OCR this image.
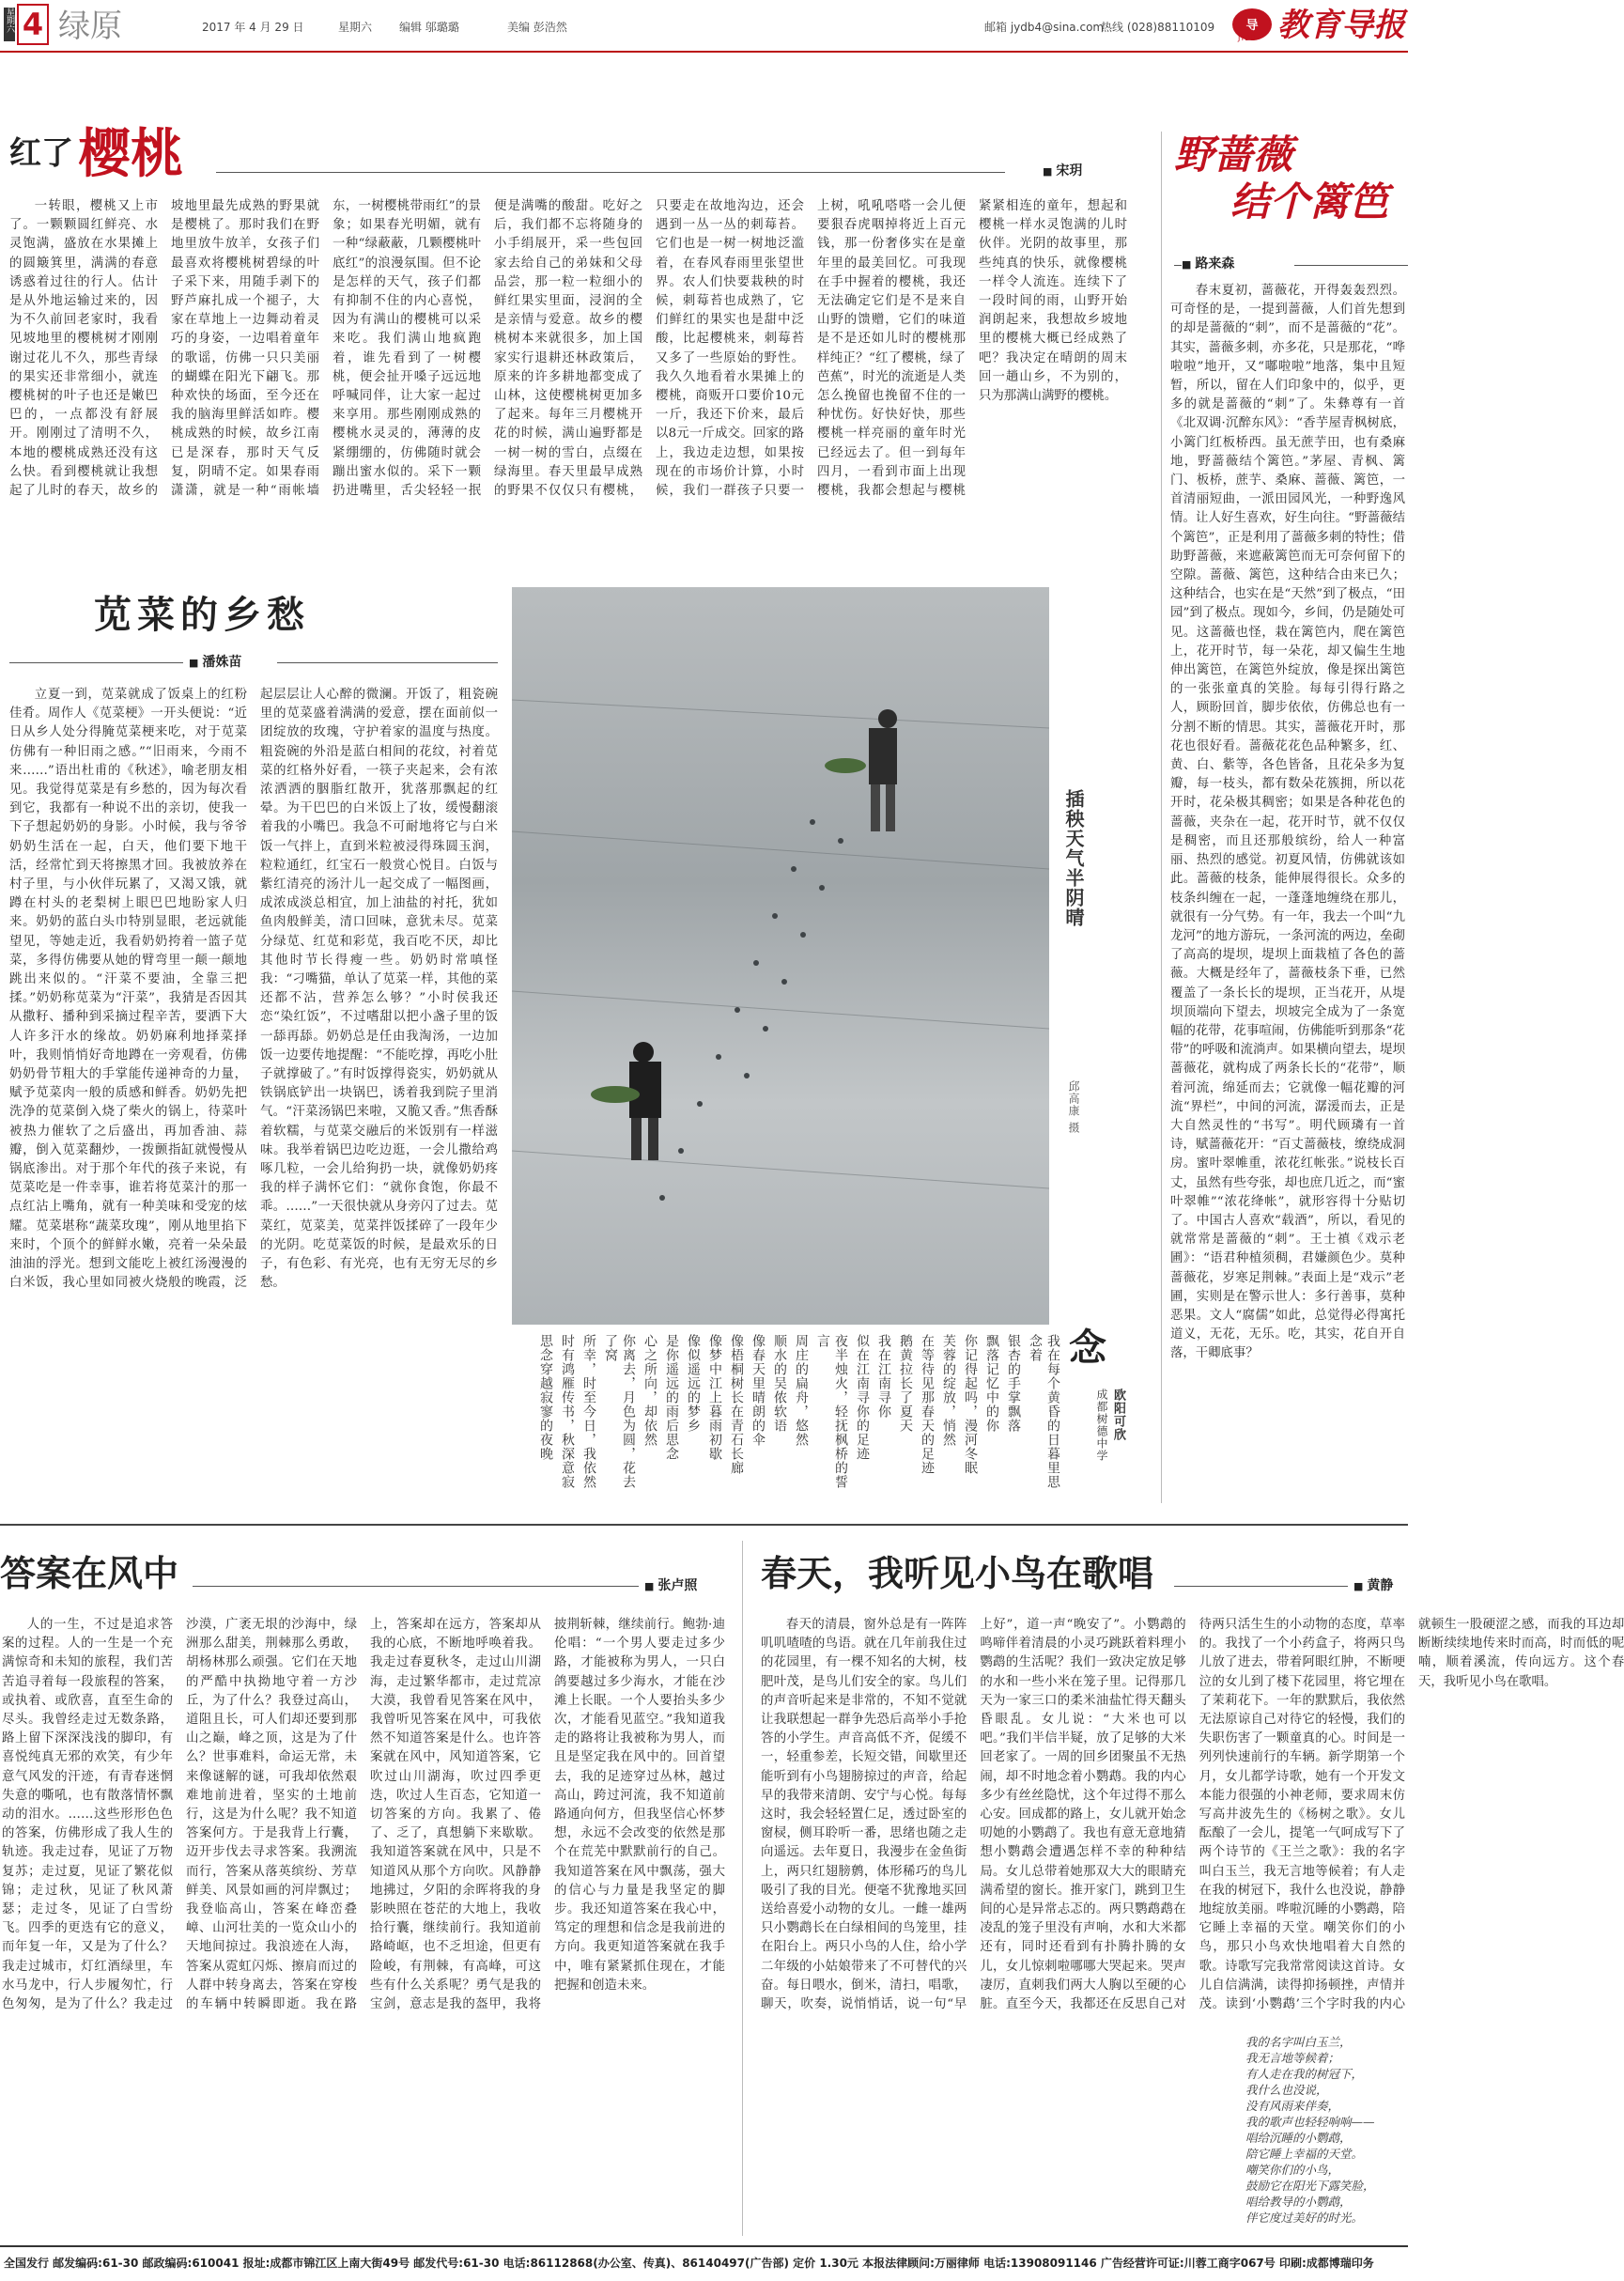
星期六 4 绿原	2017 年 4 月 29 日	星期六	编辑 邬璐璐	美编 彭浩然	邮箱 jydb4@sina.com
热线 (028)88110109	导
JYDB 教育导报
红了 樱桃	■ 宋玥
一转眼，樱桃又上市了。一颗颗圆红鲜亮、水灵饱满，盛放在水果摊上的圆簸箕里，满满的春意诱惑着过往的行人。估计是从外地运输过来的，因为不久前回老家时，我看见坡地里的樱桃树才刚刚谢过花儿不久，那些青绿的果实还非常细小，就连樱桃树的叶子也还是嫩巴巴的，一点都没有舒展开。刚刚过了清明不久，本地的樱桃成熟还没有这么快。看到樱桃就让我想起了儿时的春天，故乡的坡地里最先成熟的野果就是樱桃了。那时我们在野地里放牛放羊，女孩子们最喜欢将樱桃树碧绿的叶子采下来，用随手剥下的野芦麻扎成一个褪子，大家在草地上一边舞动着灵巧的身姿，一边唱着童年的歌谣，仿佛一只只美丽的蝴蝶在阳光下翩飞。那种欢快的场面，至今还在我的脑海里鲜活如昨。樱桃成熟的时候，故乡江南已是深春，那时天气反复，阴晴不定。如果春雨潇潇，就是一种“雨帐墙东，一树樱桃带雨红”的景象；如果春光明媚，就有一种“绿蔽蔽，几颗樱桃叶底红”的浪漫氛围。但不论是怎样的天气，孩子们都有抑制不住的内心喜悦，因为有满山的樱桃可以采来吃。我们满山地疯跑着，谁先看到了一树樱桃，便会扯开嗓子远远地呼喊同伴，让大家一起过来享用。那些刚刚成熟的樱桃水灵灵的，薄薄的皮紧绷绷的，仿佛随时就会蹦出蜜水似的。采下一颗扔进嘴里，舌尖轻轻一抿便是满嘴的酸甜。吃好之后，我们都不忘将随身的小手绢展开，采一些包回家去给自己的弟妹和父母品尝，那一粒一粒细小的鲜红果实里面，浸润的全是亲情与爱意。故乡的樱桃树本来就很多，加上国家实行退耕还林政策后，原来的许多耕地都变成了山林，这使樱桃树更加多了起来。每年三月樱桃开花的时候，满山遍野都是一树一树的雪白，点缀在绿海里。春天里最早成熟的野果不仅仅只有樱桃，只要走在故地沟边，还会遇到一丛一丛的刺莓苔。它们也是一树一树地泛滥着，在春风春雨里张望世界。农人们快要栽秧的时候，刺莓苔也成熟了，它们鲜红的果实也是甜中泛酸，比起樱桃来，刺莓苔又多了一些原始的野性。我久久地看着水果摊上的樱桃，商贩开口要价10元一斤，我还下价来，最后以8元一斤成交。回家的路上，我边走边想，如果按现在的市场价计算，小时候，我们一群孩子只要一上树，吼吼嗒嗒一会儿便要狠吞虎咽掉将近上百元钱，那一份奢侈实在是童年里的最美回忆。可我现在手中握着的樱桃，我还无法确定它们是不是来自山野的馈赠，它们的味道是不是还如儿时的樱桃那样纯正？“红了樱桃，绿了芭蕉”，时光的流逝是人类怎么挽留也挽留不住的一种忧伤。好快好快，那些樱桃一样亮丽的童年时光已经远去了。但一到每年四月，一看到市面上出现樱桃，我都会想起与樱桃紧紧相连的童年，想起和樱桃一样水灵饱满的儿时伙伴。光阴的故事里，那些纯真的快乐，就像樱桃一样令人流连。连续下了一段时间的雨，山野开始润朗起来，我想故乡坡地里的樱桃大概已经成熟了吧？我决定在晴朗的周末回一趟山乡，不为别的，只为那满山满野的樱桃。
野蔷薇
结个篱笆
■ 路来森
春末夏初，蔷薇花，开得轰轰烈烈。可奇怪的是，一提到蔷薇，人们首先想到的却是蔷薇的“刺”，而不是蔷薇的“花”。其实，蔷薇多刺，亦多花，只是那花，“哗啦啦”地开，又“嘟啦啦”地落，集中且短暂，所以，留在人们印象中的，似乎，更多的就是蔷薇的“刺”了。朱彝尊有一首《北双调·沉醉东风》：“香芋屋青枫树底，小篱门红板桥西。虽无蔗芋田，也有桑麻地，野蔷薇结个篱笆。”茅屋、青枫、篱门、板桥，蔗芋、桑麻、蔷薇、篱笆，一首清丽短曲，一派田园风光，一种野逸风情。让人好生喜欢，好生向往。“野蔷薇结个篱笆”，正是利用了蔷薇多刺的特性；借助野蔷薇，来遮蔽篱笆而无可奈何留下的空隙。蔷薇、篱笆，这种结合由来已久；这种结合，也实在是“天然”到了极点，“田园”到了极点。现如今，乡间，仍是随处可见。这蔷薇也怪，栽在篱笆内，爬在篱笆上，花开时节，每一朵花，却又偏生生地伸出篱笆，在篱笆外绽放，像是探出篱笆的一张张童真的笑脸。每每引得行路之人，顾盼回首，脚步依依，仿佛总也有一分割不断的情思。其实，蔷薇花开时，那花也很好看。蔷薇花花色品种繁多，红、黄、白、紫等，各色皆备，且花朵多为复瓣，每一枝头，都有数朵花簇拥，所以花开时，花朵极其稠密；如果是各种花色的蔷薇，夹杂在一起，花开时节，就不仅仅是稠密，而且还那般缤纷，给人一种富丽、热烈的感觉。初夏风情，仿佛就该如此。蔷薇的枝条，能伸展得很长。众多的枝条纠缠在一起，一蓬蓬地缠绕在那儿，就很有一分气势。有一年，我去一个叫“九龙河”的地方游玩，一条河流的两边，垒砌了高高的堤坝，堤坝上面栽植了各色的蔷薇。大概是经年了，蔷薇枝条下垂，已然覆盖了一条长长的堤坝，正当花开，从堤坝顶端向下望去，坝坡完全成为了一条宽幅的花带，花事喧闹，仿佛能听到那条“花带”的呼吸和流淌声。如果横向望去，堤坝蔷薇花，就构成了两条长长的“花带”，顺着河流，绵延而去；它就像一幅花瓣的河流“界栏”，中间的河流，潺湲而去，正是大自然灵性的“书写”。明代顾璘有一首诗，赋蔷薇花开：“百丈蔷薇枝，缭绕成洞房。蜜叶翠帷重，浓花红帐张。”说枝长百丈，虽然有些夸张，却也庶几近之，而“蜜叶翠帷”“浓花绛帐”，就形容得十分贴切了。中国古人喜欢“载酒”，所以，看见的就常常是蔷薇的“刺”。王士禛《戏示老圃》：“语君种植须稠，君嫌颜色少。莫种蔷薇花，岁寒足荆棘。”表面上是“戏示”老圃，实则是在警示世人：多行善事，莫种恶果。文人“腐儒”如此，总觉得必得寓托道义，无花，无乐。吃，其实，花自开自落，干卿底事？
苋菜的乡愁
■ 潘姝苗
立夏一到，苋菜就成了饭桌上的红粉佳肴。周作人《苋菜梗》一开头便说：“近日从乡人处分得腌苋菜梗来吃，对于苋菜仿佛有一种旧雨之感。”“旧雨来，今雨不来……”语出杜甫的《秋述》，喻老朋友相见。我觉得苋菜是有乡愁的，因为每次看到它，我都有一种说不出的亲切，使我一下子想起奶奶的身影。小时候，我与爷爷奶奶生活在一起，白天，他们要下地干活，经常忙到天将擦黑才回。我被放养在村子里，与小伙伴玩累了，又渴又饿，就蹲在村头的老梨树上眼巴巴地盼家人归来。奶奶的蓝白头巾特别显眼，老远就能望见，等她走近，我看奶奶挎着一篮子苋菜，多得仿佛要从她的臂弯里一颠一颠地跳出来似的。“汗菜不要油，全靠三把揉。”奶奶称苋菜为“汗菜”，我猜是否因其从撒籽、播种到采摘过程辛苦，要洒下大人许多汗水的缘故。奶奶麻利地择菜择叶，我则悄悄好奇地蹲在一旁观看，仿佛奶奶骨节粗大的手掌能传递神奇的力量，赋予苋菜肉一般的质感和鲜香。奶奶先把洗净的苋菜倒入烧了柴火的锅上，待菜叶被热力催软了之后盛出，再加香油、蒜瓣，倒入苋菜翻炒，一拨颤指缸就慢慢从锅底渗出。对于那个年代的孩子来说，有苋菜吃是一件幸事，谁若将苋菜汁的那一点红沾上嘴角，就有一种美味和受宠的炫耀。苋菜堪称“蔬菜玫瑰”，刚从地里掐下来时，个顶个的鲜鲜水嫩，亮着一朵朵最油油的浮光。想到文能吃上被红汤漫漫的白米饭，我心里如同被火烧般的晚霞，泛起层层让人心醉的微澜。开饭了，粗瓷碗里的苋菜盛着满满的爱意，摆在面前似一团绽放的玫瑰，守护着家的温度与热度。粗瓷碗的外沿是蓝白相间的花纹，衬着苋菜的红格外好看，一筷子夹起来，会有浓浓洒洒的胭脂红散开，犹落那飘起的红晕。为干巴巴的白米饭上了妆，缓慢翻滚着我的小嘴巴。我急不可耐地将它与白米饭一气拌上，直到米粒被浸得珠圆玉润，粒粒通红，红宝石一般赏心悦目。白饭与紫红清亮的汤汁儿一起交成了一幅图画，成浓成淡总相宜，加上油盐的衬托，犹如鱼肉般鲜美，清口回味，意犹未尽。苋菜分绿苋、红苋和彩苋，我百吃不厌，却比其他时节长得瘦一些。奶奶时常嗔怪我：“刁嘴猫，单认了苋菜一样，其他的菜还都不沾，营养怎么够？”小时侯我还恋“染红饭”，不过嗜甜以把小盏子里的饭一舔再舔。奶奶总是任由我淘汤，一边加饭一边要传地提醒：“不能吃撑，再吃小肚子就撑破了。”有时饭撑得瓷实，奶奶就从铁锅底铲出一块锅巴，诱着我到院子里消气。“汗菜汤锅巴来啦，又脆又香。”焦香酥着软糯，与苋菜交融后的米饭别有一样滋味。我举着锅巴边吃边逛，一会儿撒给鸡啄几粒，一会儿给狗扔一块，就像奶奶疼我的样子满怀它们：“就你食饱，你最不乖。……”一天很快就从身旁闪了过去。苋菜红，苋菜美，苋菜拌饭揉碎了一段年少的光阴。吃苋菜饭的时候，是最欢乐的日子，有色彩、有光亮，也有无穷无尽的乡愁。
插秧天气半阴晴
邱高康 摄
念
欧阳可欣
成都树德中学
我在每个黄昏的日暮里思念着
银杏的手掌飘落
飘落记忆中的你
你记得起吗，漫河冬眠
芙蓉的绽放，悄然
在等待见那春天的足迹
鹅黄拉长了夏天
我在江南寻你
似在江南寻你的足迹
夜半烛火，轻抚枫桥的誓言
周庄的扁舟，悠然
顺水的吴侬软语
像春天里晴朗的伞
像梧桐树长在青石长廊
像梦中江上暮雨初歇
像似遥远的梦乡
是你遥远的雨后思念
心之所向，却依然
你离去，月色为圆，花去了窝
所幸，时至今日，我依然
时有鸿雁传书，秋深意寂
思念穿越寂寥的夜晚
答案在风中	■ 张卢照
人的一生，不过是追求答案的过程。人的一生是一个充满惊奇和未知的旅程，我们苦苦追寻着每一段旅程的答案，或执着、或欣喜，直至生命的尽头。我曾经走过无数条路，路上留下深深浅浅的脚印，有喜悦纯真无邪的欢笑，有少年意气风发的汗迹，有青春迷惘失意的嘶吼，也有散落情怀飘动的泪水。……这些形形色色的答案，仿佛形成了我人生的轨迹。我走过春，见证了万物复苏；走过夏，见证了繁花似锦；走过秋，见证了秋风萧瑟；走过冬，见证了白雪纷飞。四季的更迭有它的意义，而年复一年，又是为了什么？我走过城市，灯红酒绿里，车水马龙中，行人步履匆忙，行色匆匆，是为了什么？我走过沙漠，广袤无垠的沙海中，绿洲那么甜美，荆棘那么勇敢，胡杨林那么顽强。它们在天地的严酷中执拗地守着一方沙丘，为了什么？我登过高山，道阻且长，可人们却还要到那山之巅，峰之顶，这是为了什么？世事难料，命运无常，未来像谜解的谜，可我却依然艰难地前进着，坚实的土地前行，这是为什么呢？我不知道答案何方。于是我背上行囊，迈开步伐去寻求答案。我溯流而行，答案从落英缤纷、芳草鲜美、风景如画的河岸飘过；我登临高山，答案在峰峦叠嶂、山河壮美的一览众山小的天地间掠过。我浪迹在人海，答案从霓虹闪烁、擦肩而过的人群中转身离去，答案在穿梭的车辆中转瞬即逝。我在路上，答案却在远方，答案却从我的心底，不断地呼唤着我。我走过春夏秋冬，走过山川湖海，走过繁华都市，走过荒凉大漠，我曾看见答案在风中，我曾听见答案在风中，可我依然不知道答案是什么。也许答案就在风中，风知道答案，它吹过山川湖海，吹过四季更迭，吹过人生百态，它知道一切答案的方向。我累了、倦了、乏了，真想躺下来歇歇。我知道答案就在风中，只是不知道风从那个方向吹。风静静地拂过，夕阳的余晖将我的身影映照在苍茫的大地上，我收拾行囊，继续前行。我知道前路崎岖，也不乏坦途，但更有险峻，有荆棘，有高峰，可这些有什么关系呢？勇气是我的宝剑，意志是我的盔甲，我将披荆斩棘，继续前行。鲍勃·迪伦唱：“一个男人要走过多少路，才能被称为男人，一只白鸽要越过多少海水，才能在沙滩上长眠。一个人要抬头多少次，才能看见蓝空。”我知道我走的路将让我被称为男人，而且是坚定我在风中的。回首望去，我的足迹穿过丛林，越过高山，跨过河流，我不知道前路通向何方，但我坚信心怀梦想，永远不会改变的依然是那个在荒芜中默默前行的自己。我知道答案在风中飘荡，强大的信心与力量是我坚定的脚步。我还知道答案在我心中，笃定的理想和信念是我前进的方向。我更知道答案就在我手中，唯有紧紧抓住现在，才能把握和创造未来。
春天，我听见小鸟在歌唱	■ 黄静
春天的清晨，窗外总是有一阵阵叽叽喳喳的鸟语。就在几年前我住过的花园里，有一棵不知名的大树，枝肥叶茂，是鸟儿们安全的家。鸟儿们的声音听起来是非常的，不知不觉就让我联想起一群争先恐后高举小手抢答的小学生。声音高低不齐，促缓不一，轻重参差，长短交错，间歇里还能听到有小鸟翅膀掠过的声音，给起早的我带来清朗、安宁与心悦。每每这时，我会轻轻置仁足，透过卧室的窗棂，侧耳聆听一番，思绪也随之走向遥远。去年夏日，我漫步在金鱼街上，两只红翅膀鹩，体形稀巧的鸟儿吸引了我的目光。便毫不犹豫地买回送给喜爱小动物的女儿。一雌一雄两只小鹦鹉长在白绿相间的鸟笼里，挂在阳台上。两只小鸟的人住，给小学二年级的小姑娘带来了不可替代的兴奋。每日喂水，倒米，清扫，唱歌，聊天，吹奏，说悄悄话，说一句“早上好”，道一声“晚安了”。小鹦鹉的鸣啼伴着清晨的小灵巧跳跃着料理小鹦鹉的生活呢？我们一致决定放足够的水和一些小米在笼子里。记得那几天为一家三口的柔米油盐忙得天翻头昏眼乱。女儿说：“大米也可以吧。”我们半信半疑，放了足够的大米回老家了。一周的回乡团聚虽不无热闹，却不时地念着小鹦鹉。我的内心多少有丝丝隐忧，这个年过得不那么心安。回成都的路上，女儿就开始念叨她的小鹦鹉了。我也有意无意地猜想小鹦鹉会遭遇怎样不幸的种种结局。女儿总带着她那双大大的眼睛充满希望的窗长。推开家门，跳到卫生间的心是异常忐忑的。两只鹦鹉鹉在凌乱的笼子里没有声响，水和大米都还有，同时还看到有扑腾扑腾的女儿，女儿惊刺啦哪哪大哭起来。哭声凄厉，直刺我们两大人胸以至硬的心脏。直至今天，我都还在反思自己对待两只活生生的小动物的态度，草率的。我找了一个小药盒子，将两只鸟儿放了进去，带着阿眼红肿，不断哽泣的女儿到了楼下花园里，将它埋在了茉莉花下。一年的默默后，我依然无法原谅自己对待它的轻慢，我们的失职伤害了一颗童真的心。时间是一列列快速前行的车辆。新学期第一个月，女儿都学诗歌，她有一个开发文本能力很强的小神老师，要求周末仿写高井波先生的《杨树之歌》。女儿酝酿了一会儿，提笔一气呵成写下了两个诗节的《王兰之歌》：我的名字叫白玉兰，我无言地等候着；有人走在我的树冠下，我什么也没说，静静地绽放美丽。哗啦沉睡的小鹦鹉，陪它睡上幸福的天堂。嘲笑你们的小鸟，那只小鸟欢快地唱着大自然的歌。诗歌写完我常常阅读这首诗。女儿自信满满，读得抑扬顿挫，声情并茂。读到‘小鹦鹉’三个字时我的内心就顿生一股硬涩之感，而我的耳边却断断续续地传来时而高，时而低的呢喃，顺着溪流，传向远方。这个春天，我听见小鸟在歌唱。
我的名字叫白玉兰，
我无言地等候着；
有人走在我的树冠下，
我什么也没说，
没有风雨来伴奏，
我的歌声也轻轻响响——
唱给沉睡的小鹦鹉，
陪它睡上幸福的天堂。
嘲笑你们的小鸟，
鼓励它在阳光下露笑脸，
唱给教导的小鹦鹉，
伴它度过美好的时光。
全国发行 邮发编码:61-30 邮政编码:610041 报址:成都市锦江区上南大街49号 邮发代号:61-30 电话:86112868(办公室、传真)、86140497(广告部) 定价 1.30元 本报法律顾问:万丽律师 电话:13908091146 广告经营许可证:川蓉工商字067号 印刷:成都博瑞印务
